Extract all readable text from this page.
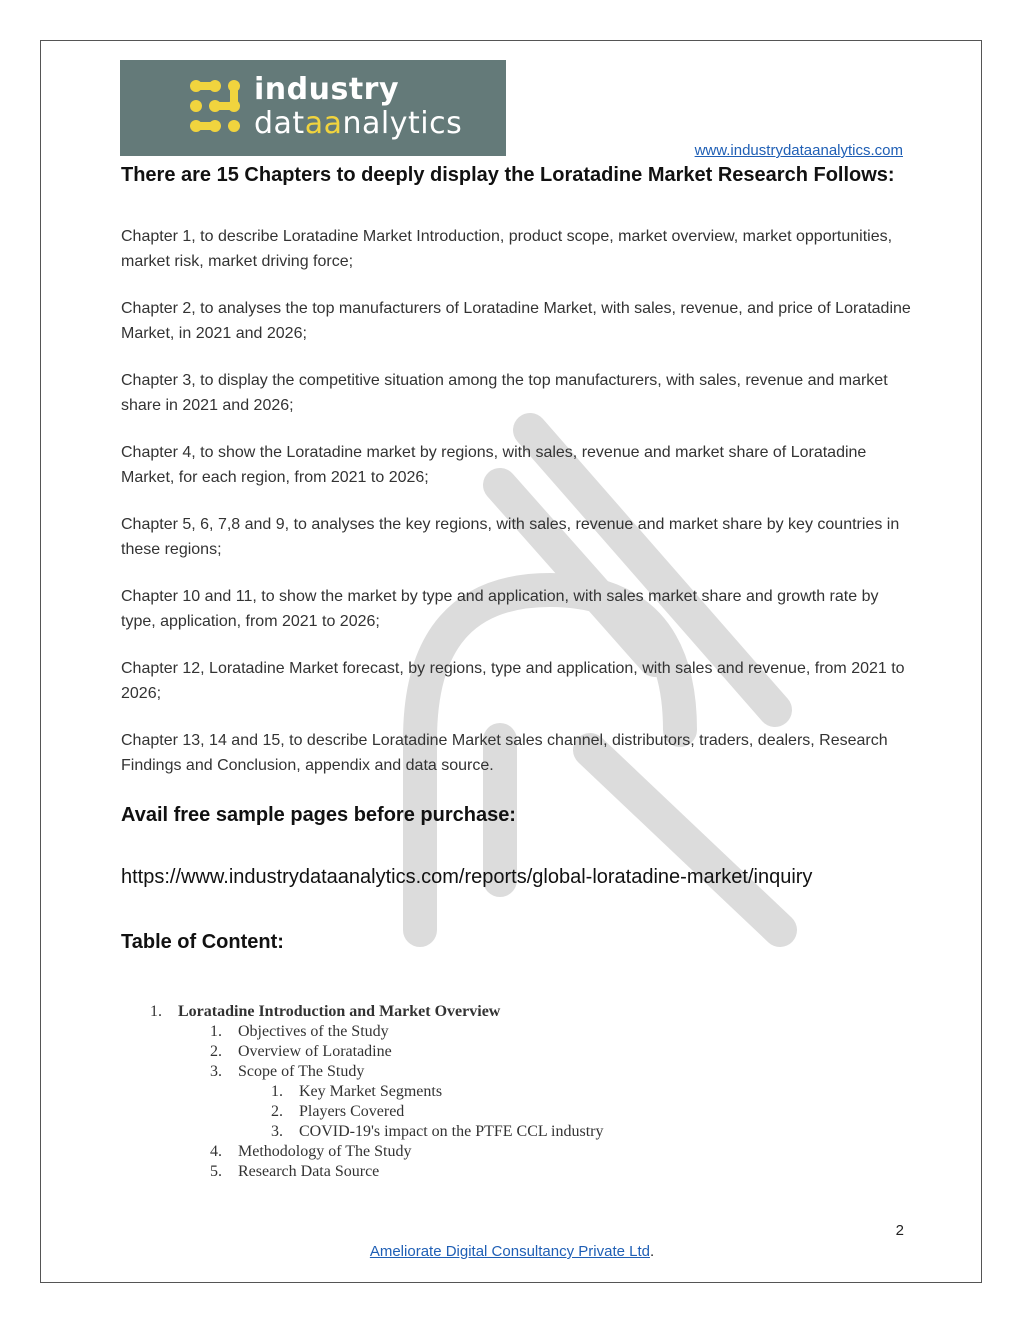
industry
dataanalytics
www.industrydataanalytics.com
There are 15 Chapters to deeply display the Loratadine Market Research Follows:

Chapter 1, to describe Loratadine Market Introduction, product scope, market overview, market opportunities, market risk, market driving force;

Chapter 2, to analyses the top manufacturers of Loratadine Market, with sales, revenue, and price of Loratadine Market, in 2021 and 2026;

Chapter 3, to display the competitive situation among the top manufacturers, with sales, revenue and market share in 2021 and 2026;

Chapter 4, to show the Loratadine market by regions, with sales, revenue and market share of Loratadine Market, for each region, from 2021 to 2026;

Chapter 5, 6, 7,8 and 9, to analyses the key regions, with sales, revenue and market share by key countries in these regions;

Chapter 10 and 11, to show the market by type and application, with sales market share and growth rate by type, application, from 2021 to 2026;

Chapter 12, Loratadine Market forecast, by regions, type and application, with sales and revenue, from 2021 to 2026;

Chapter 13, 14 and 15, to describe Loratadine Market sales channel, distributors, traders, dealers, Research Findings and Conclusion, appendix and data source.

Avail free sample pages before purchase:

https://www.industrydataanalytics.com/reports/global-loratadine-market/inquiry

Table of Content:

1. Loratadine Introduction and Market Overview
1. Objectives of the Study
2. Overview of Loratadine
3. Scope of The Study
1. Key Market Segments
2. Players Covered
3. COVID-19's impact on the PTFE CCL industry
4. Methodology of The Study
5. Research Data Source
2
Ameliorate Digital Consultancy Private Ltd.
